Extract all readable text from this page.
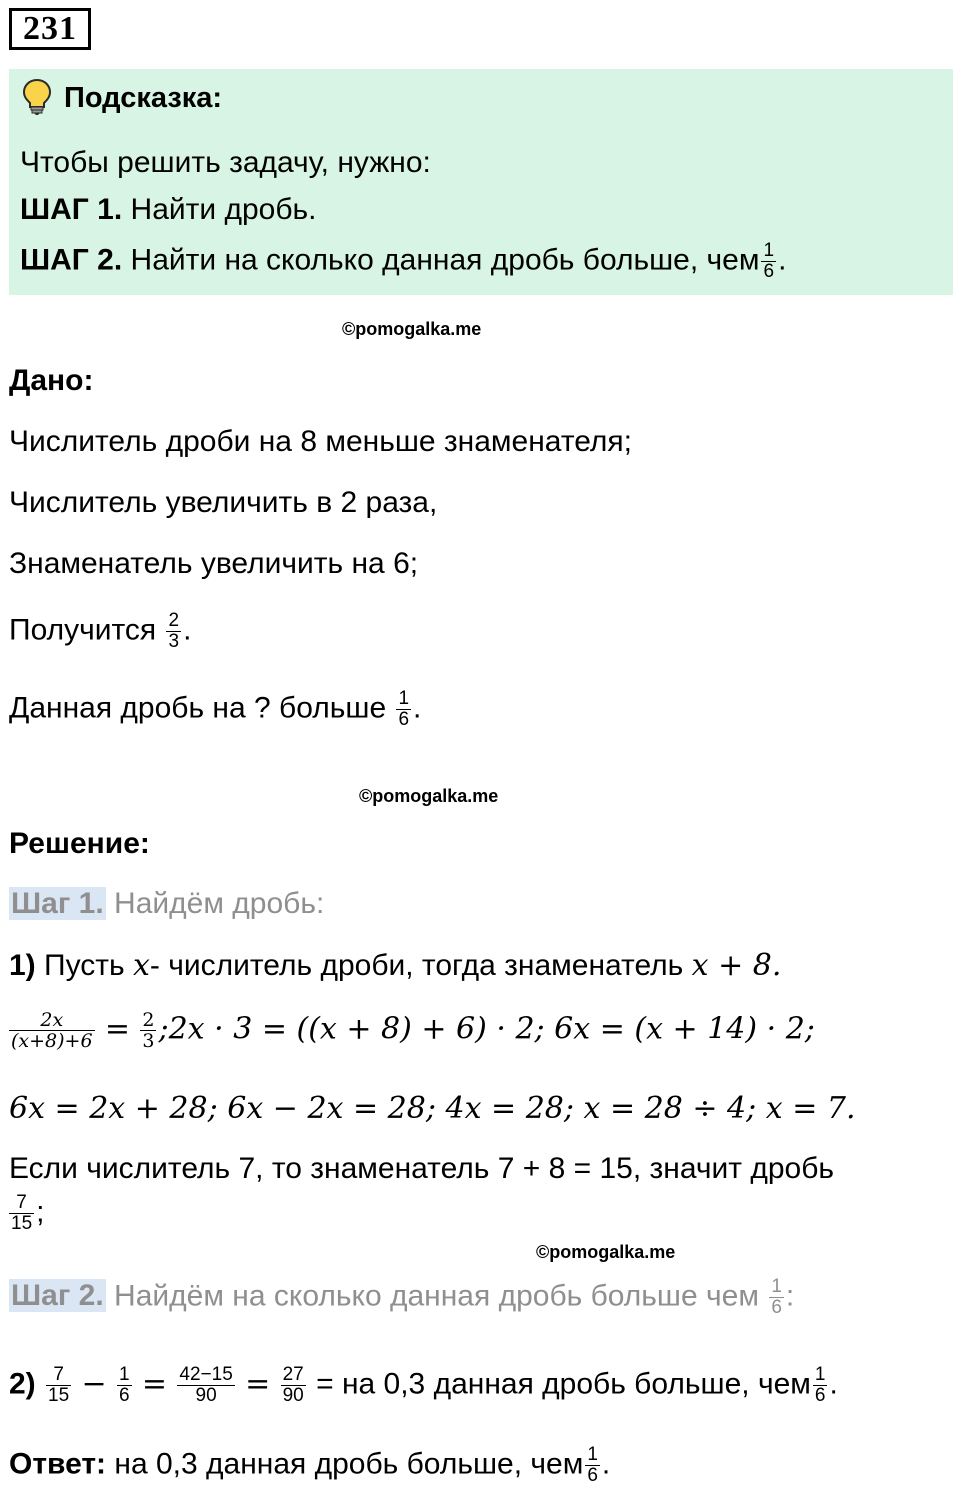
231
Подсказка:
Чтобы решить задачу, нужно:
ШАГ 1. Найти дробь.
ШАГ 2. Найти на сколько данная дробь больше, чем $\frac{1}{6}$ .
©pomogalka.me
Дано:
Числитель дроби на 8 меньше знаменателя;
Числитель увеличить в 2 раза,
Знаменатель увеличить на 6;
Получится $\frac{2}{3}$ .
Данная дробь на ? больше $\frac{1}{6}$ .
©pomogalka.me
Решение:
Шаг 1. Найдём дробь:
1) Пусть x- числитель дроби, тогда знаменатель x + 8.
$\frac{2x}{(x+8)+6} = \frac{2}{3}$ ;2x · 3 = ((x + 8) + 6) · 2; 6x = (x + 14) · 2;
6x = 2x + 28; 6x − 2x = 28; 4x = 28; x = 28 ÷ 4; x = 7.
Если числитель 7, то знаменатель 7 + 8 = 15, значит дробь
$\frac{7}{15}$ ;
©pomogalka.me
Шаг 2. Найдём на сколько данная дробь больше чем $\frac{1}{6}$ :
$2) \frac{7}{15} - \frac{1}{6} = \frac{42-15}{90} = \frac{27}{90}$ = на 0,3 данная дробь больше, чем $\frac{1}{6}$ .
Ответ: на 0,3 данная дробь больше, чем $\frac{1}{6}$ .
